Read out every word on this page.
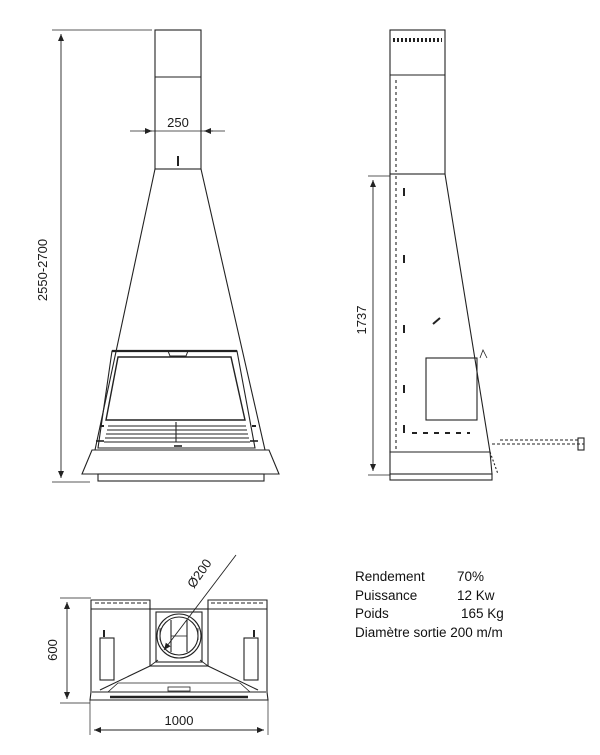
2550-2700
250
1737
Ø200
600
1000
Rendement	70%
Puissance	12 Kw
Poids	165 Kg
Diamètre sortie 200 m/m
